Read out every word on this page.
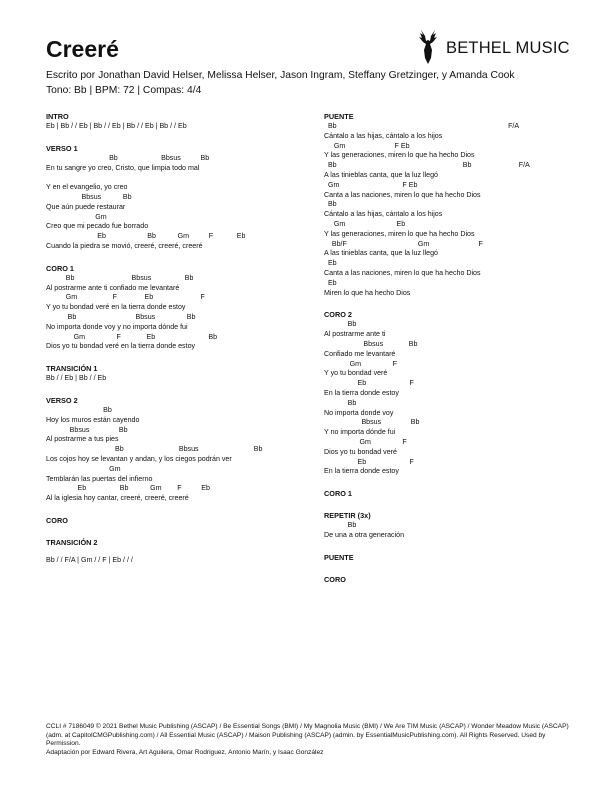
Creeré	BETHEL MUSIC
Escrito por Jonathan David Helser, Melissa Helser, Jason Ingram, Steffany Gretzinger, y Amanda Cook
Tono: Bb | BPM: 72 | Compas: 4/4
INTRO
Eb | Bb / / Eb | Bb / / Eb | Bb / / Eb | Bb / / Eb
VERSO 1
Bb                      Bbsus          Bb
En tu sangre yo creo, Cristo, que limpia todo mal

Y en el evangelio, yo creo
Bbsus           Bb
Que aún puede restaurar
Gm
Creo que mi pecado fue borrado
Eb                     Bb           Gm          F            Eb
Cuando la piedra se movió, creeré, creeré, creeré
CORO 1
Bb                             Bbsus                 Bb
Al postrarme ante ti confiado me levantaré
Gm                  F              Eb                        F
Y yo tu bondad veré en la tierra donde estoy
Bb                              Bbsus                Bb
No importa donde voy y no importa dónde fui
Gm                F             Eb                           Bb
Dios yo tu bondad veré en la tierra donde estoy
TRANSICIÓN 1
Bb / / Eb | Bb / / Eb
VERSO 2
Bb
Hoy los muros están cayendo
Bbsus               Bb
Al postrarme a tus pies
Bb                            Bbsus                            Bb
Los cojos hoy se levantan y andan, y los ciegos podrán ver
Gm
Temblarán las puertas del infierno
Eb                 Bb           Gm        F          Eb
Al la iglesia hoy cantar, creeré, creeré, creeré
CORO
TRANSICIÓN 2
Bb / / F/A | Gm / / F | Eb / / /
PUENTE
Bb                                                                                       F/A
Cántalo a las hijas, cántalo a los hijos
Gm                         F Eb
Y las generaciones, miren lo que ha hecho Dios
Bb                                                                Bb                        F/A
A las tinieblas canta, que la luz llegó
Gm                                F Eb
Canta a las naciones, miren lo que ha hecho Dios
Bb
Cántalo a las hijas, cántalo a los hijos
Gm                          Eb
Y las generaciones, miren lo que ha hecho Dios
Bb/F                                    Gm                         F
A las tinieblas canta, que la luz llegó
Eb
Canta a las naciones, miren lo que ha hecho Dios
Eb
Miren lo que ha hecho Dios
CORO 2
Bb
Al postrarme ante ti
Bbsus             Bb
Confiado me levantaré
Gm                F
Y yo tu bondad veré
Eb                      F
En la tierra donde estoy
Bb
No importa donde voy
Bbsus               Bb
Y no importa dónde fui
Gm                F
Dios yo tu bondad veré
Eb                      F
En la tierra donde estoy
CORO 1
REPETIR (3x)
Bb
De una a otra generación
PUENTE
CORO
CCLI # 7186049 © 2021 Bethel Music Publishing (ASCAP) / Be Essential Songs (BMI) / My Magnolia Music (BMI) / We Are TIM Music (ASCAP) / Wonder Meadow Music (ASCAP) (adm. at CapitolCMGPublishing.com) / All Essential Music (ASCAP) / Maison Publishing (ASCAP) (admin. by EssentialMusicPublishing.com). All Rights Reserved. Used by Permission.
Adaptación por Edward Rivera, Art Aguilera, Omar Rodriguez, Antonio Marín, y Isaac González
